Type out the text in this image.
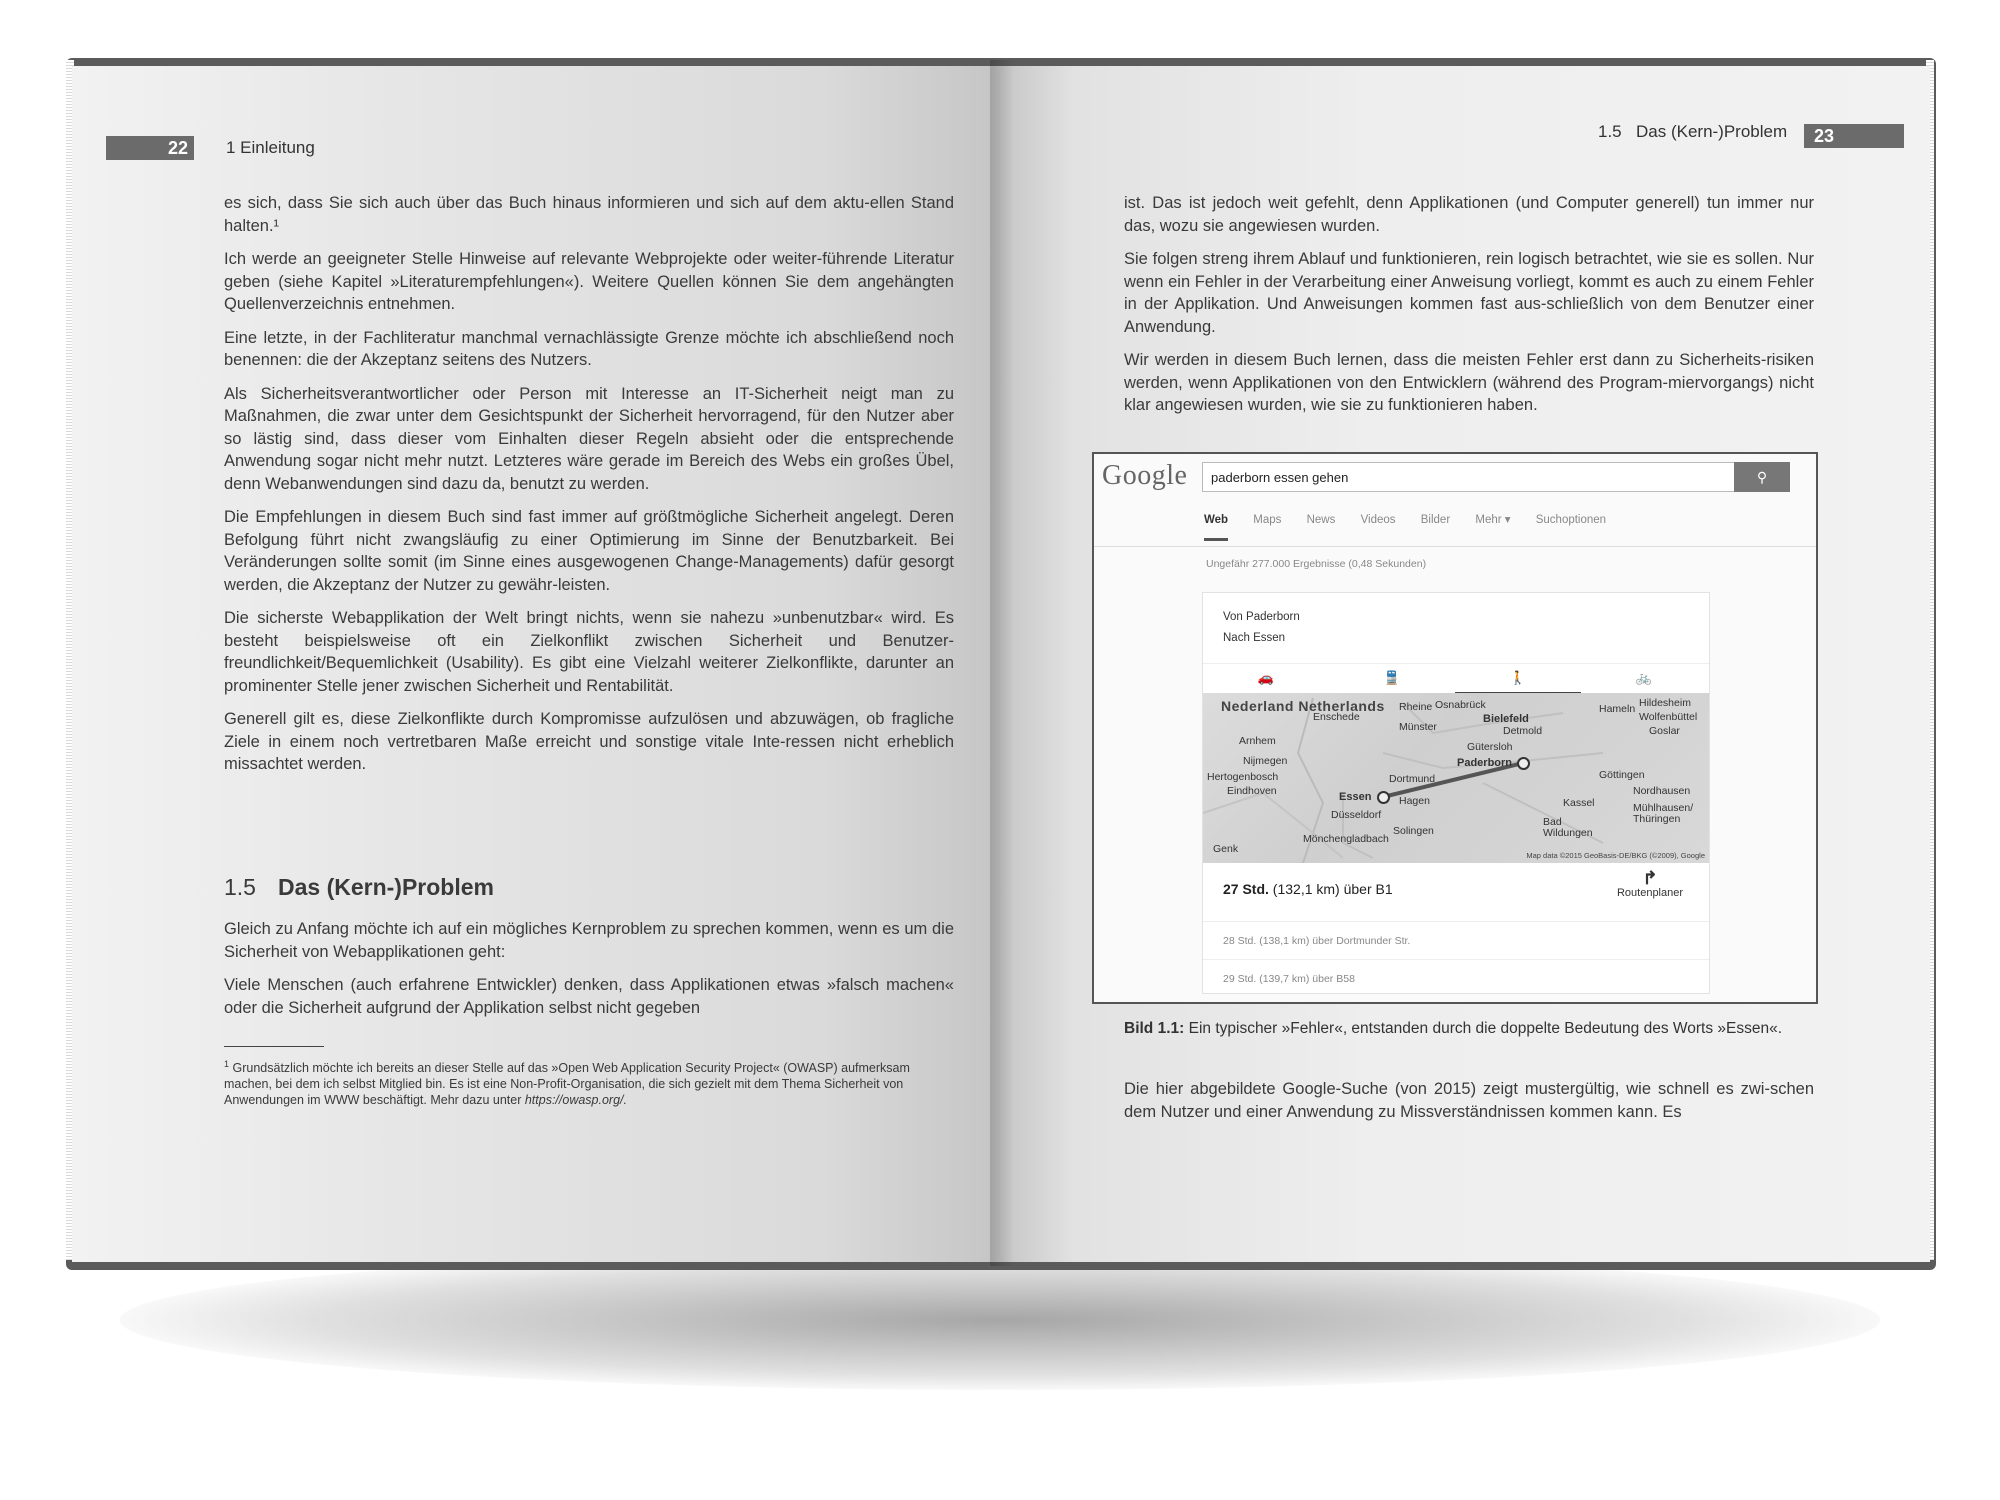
22	1 Einleitung

es sich, dass Sie sich auch über das Buch hinaus informieren und sich auf dem aktu-ellen Stand halten.¹

Ich werde an geeigneter Stelle Hinweise auf relevante Webprojekte oder weiter-führende Literatur geben (siehe Kapitel »Literaturempfehlungen«). Weitere Quellen können Sie dem angehängten Quellenverzeichnis entnehmen.

Eine letzte, in der Fachliteratur manchmal vernachlässigte Grenze möchte ich abschließend noch benennen: die der Akzeptanz seitens des Nutzers.

Als Sicherheitsverantwortlicher oder Person mit Interesse an IT-Sicherheit neigt man zu Maßnahmen, die zwar unter dem Gesichtspunkt der Sicherheit hervorragend, für den Nutzer aber so lästig sind, dass dieser vom Einhalten dieser Regeln absieht oder die entsprechende Anwendung sogar nicht mehr nutzt. Letzteres wäre gerade im Bereich des Webs ein großes Übel, denn Webanwendungen sind dazu da, benutzt zu werden.

Die Empfehlungen in diesem Buch sind fast immer auf größtmögliche Sicherheit angelegt. Deren Befolgung führt nicht zwangsläufig zu einer Optimierung im Sinne der Benutzbarkeit. Bei Veränderungen sollte somit (im Sinne eines ausgewogenen Change-Managements) dafür gesorgt werden, die Akzeptanz der Nutzer zu gewähr-leisten.

Die sicherste Webapplikation der Welt bringt nichts, wenn sie nahezu »unbenutzbar« wird. Es besteht beispielsweise oft ein Zielkonflikt zwischen Sicherheit und Benutzer-freundlichkeit/Bequemlichkeit (Usability). Es gibt eine Vielzahl weiterer Zielkonflikte, darunter an prominenter Stelle jener zwischen Sicherheit und Rentabilität.

Generell gilt es, diese Zielkonflikte durch Kompromisse aufzulösen und abzuwägen, ob fragliche Ziele in einem noch vertretbaren Maße erreicht und sonstige vitale Inte-ressen nicht erheblich missachtet werden.

1.5 Das (Kern-)Problem

Gleich zu Anfang möchte ich auf ein mögliches Kernproblem zu sprechen kommen, wenn es um die Sicherheit von Webapplikationen geht:

Viele Menschen (auch erfahrene Entwickler) denken, dass Applikationen etwas »falsch machen« oder die Sicherheit aufgrund der Applikation selbst nicht gegeben

$^1$ Grundsätzlich möchte ich bereits an dieser Stelle auf das »Open Web Application Security Project« (OWASP) aufmerksam machen, bei dem ich selbst Mitglied bin. Es ist eine Non-Profit-Organisation, die sich gezielt mit dem Thema Sicherheit von Anwendungen im WWW beschäftigt. Mehr dazu unter https://owasp.org/.
1.5 Das (Kern-)Problem	23

ist. Das ist jedoch weit gefehlt, denn Applikationen (und Computer generell) tun immer nur das, wozu sie angewiesen wurden.

Sie folgen streng ihrem Ablauf und funktionieren, rein logisch betrachtet, wie sie es sollen. Nur wenn ein Fehler in der Verarbeitung einer Anweisung vorliegt, kommt es auch zu einem Fehler in der Applikation. Und Anweisungen kommen fast aus-schließlich von dem Benutzer einer Anwendung.

Wir werden in diesem Buch lernen, dass die meisten Fehler erst dann zu Sicherheits-risiken werden, wenn Applikationen von den Entwicklern (während des Program-miervorgangs) nicht klar angewiesen wurden, wie sie zu funktionieren haben.

Die hier abgebildete Google-Suche (von 2015) zeigt mustergültig, wie schnell es zwi-schen dem Nutzer und einer Anwendung zu Missverständnissen kommen kann. Es

Google	paderborn essen gehen	⚲
Web Maps News Videos Bilder Mehr ▾ Suchoptionen
Ungefähr 277.000 Ergebnisse (0,48 Sekunden)
Von Paderborn
Nach Essen
🚗	🚆	🚶	🚲
Nederland Netherlands
Enschede
Rheine Osnabrück	Hameln Hildesheim
Bielefeld
Münster	Detmold
Gütersloh
Arnhem
Nijmegen	Paderborn
Hertogenbosch
Eindhoven
Dortmund
Essen	Hagen
Göttingen
Kassel
Düsseldorf
Solingen
Mönchengladbach
Genk
Wolfenbüttel
Goslar
Nordhausen
Mühlhausen/ Thüringen
Bad Wildungen
Map data ©2015 GeoBasis-DE/BKG (©2009), Google
27 Std. (132,1 km) über B1
↱
Routenplaner
28 Std. (138,1 km) über Dortmunder Str.
29 Std. (139,7 km) über B58
Bild 1.1: Ein typischer »Fehler«, entstanden durch die doppelte Bedeutung des Worts »Essen«.
